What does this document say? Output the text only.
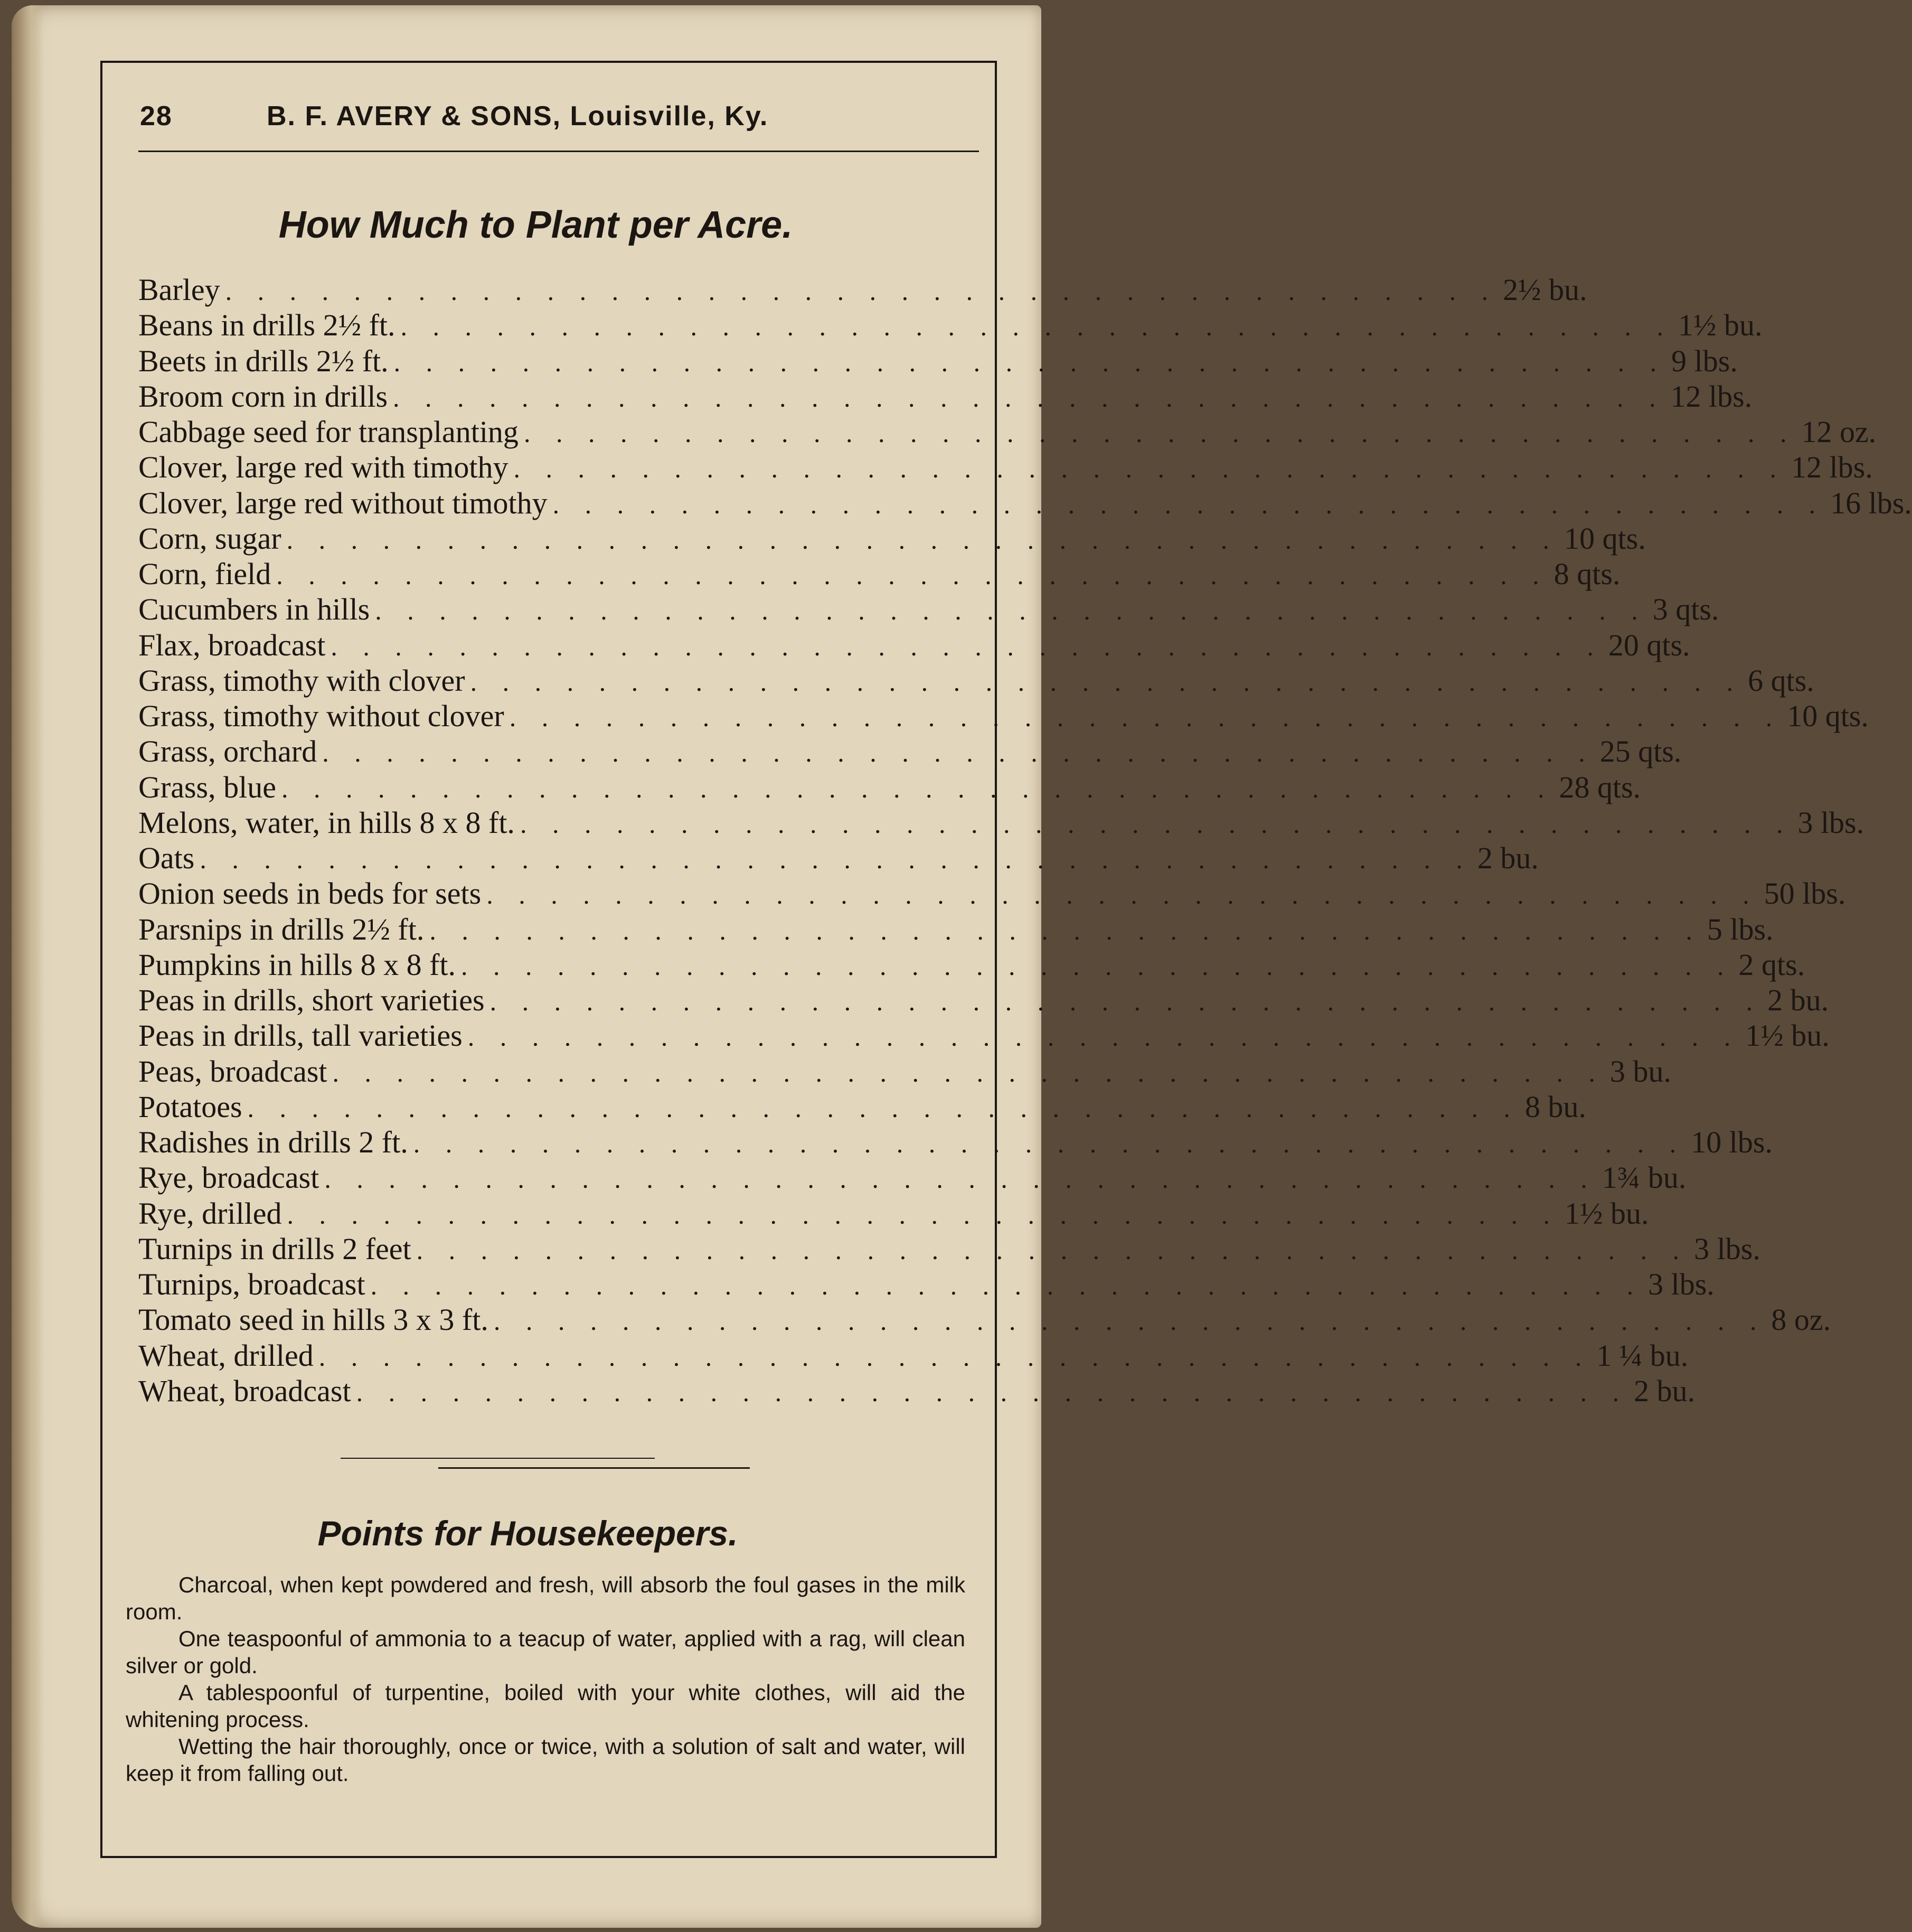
28	B. F. AVERY & SONS, Louisville, Ky.
How Much to Plant per Acre.
Barley . . . . . . . . . . . . . . . . . . . . . . . . . . . . . . . . . . . . . . . . 2½ bu.
Beans in drills 2½ ft. . . . . . . . . . . . . . . . . . . . . . . . . . . . . . . . . . . . . . . . . 1½ bu.
Beets in drills 2½ ft. . . . . . . . . . . . . . . . . . . . . . . . . . . . . . . . . . . . . . . . . 9 lbs.
Broom corn in drills . . . . . . . . . . . . . . . . . . . . . . . . . . . . . . . . . . . . . . . . 12 lbs.
Cabbage seed for transplanting . . . . . . . . . . . . . . . . . . . . . . . . . . . . . . . . . . . . . . . . 12 oz.
Clover, large red with timothy . . . . . . . . . . . . . . . . . . . . . . . . . . . . . . . . . . . . . . . . 12 lbs.
Clover, large red without timothy . . . . . . . . . . . . . . . . . . . . . . . . . . . . . . . . . . . . . . . . 16 lbs.
Corn, sugar . . . . . . . . . . . . . . . . . . . . . . . . . . . . . . . . . . . . . . . . 10 qts.
Corn, field . . . . . . . . . . . . . . . . . . . . . . . . . . . . . . . . . . . . . . . . 8 qts.
Cucumbers in hills . . . . . . . . . . . . . . . . . . . . . . . . . . . . . . . . . . . . . . . . 3 qts.
Flax, broadcast . . . . . . . . . . . . . . . . . . . . . . . . . . . . . . . . . . . . . . . . 20 qts.
Grass, timothy with clover . . . . . . . . . . . . . . . . . . . . . . . . . . . . . . . . . . . . . . . . 6 qts.
Grass, timothy without clover . . . . . . . . . . . . . . . . . . . . . . . . . . . . . . . . . . . . . . . . 10 qts.
Grass, orchard . . . . . . . . . . . . . . . . . . . . . . . . . . . . . . . . . . . . . . . . 25 qts.
Grass, blue . . . . . . . . . . . . . . . . . . . . . . . . . . . . . . . . . . . . . . . . 28 qts.
Melons, water, in hills 8 x 8 ft. . . . . . . . . . . . . . . . . . . . . . . . . . . . . . . . . . . . . . . . . 3 lbs.
Oats . . . . . . . . . . . . . . . . . . . . . . . . . . . . . . . . . . . . . . . . 2 bu.
Onion seeds in beds for sets . . . . . . . . . . . . . . . . . . . . . . . . . . . . . . . . . . . . . . . . 50 lbs.
Parsnips in drills 2½ ft. . . . . . . . . . . . . . . . . . . . . . . . . . . . . . . . . . . . . . . . . 5 lbs.
Pumpkins in hills 8 x 8 ft. . . . . . . . . . . . . . . . . . . . . . . . . . . . . . . . . . . . . . . . . 2 qts.
Peas in drills, short varieties . . . . . . . . . . . . . . . . . . . . . . . . . . . . . . . . . . . . . . . . 2 bu.
Peas in drills, tall varieties . . . . . . . . . . . . . . . . . . . . . . . . . . . . . . . . . . . . . . . . 1½ bu.
Peas, broadcast . . . . . . . . . . . . . . . . . . . . . . . . . . . . . . . . . . . . . . . . 3 bu.
Potatoes . . . . . . . . . . . . . . . . . . . . . . . . . . . . . . . . . . . . . . . . 8 bu.
Radishes in drills 2 ft. . . . . . . . . . . . . . . . . . . . . . . . . . . . . . . . . . . . . . . . . 10 lbs.
Rye, broadcast . . . . . . . . . . . . . . . . . . . . . . . . . . . . . . . . . . . . . . . . 1¾ bu.
Rye, drilled . . . . . . . . . . . . . . . . . . . . . . . . . . . . . . . . . . . . . . . . 1½ bu.
Turnips in drills 2 feet . . . . . . . . . . . . . . . . . . . . . . . . . . . . . . . . . . . . . . . . 3 lbs.
Turnips, broadcast . . . . . . . . . . . . . . . . . . . . . . . . . . . . . . . . . . . . . . . . 3 lbs.
Tomato seed in hills 3 x 3 ft. . . . . . . . . . . . . . . . . . . . . . . . . . . . . . . . . . . . . . . . . 8 oz.
Wheat, drilled . . . . . . . . . . . . . . . . . . . . . . . . . . . . . . . . . . . . . . . . 1 ¼ bu.
Wheat, broadcast . . . . . . . . . . . . . . . . . . . . . . . . . . . . . . . . . . . . . . . . 2 bu.
Points for Housekeepers.

Charcoal, when kept powdered and fresh, will absorb the foul gases in the milk room.

One teaspoonful of ammonia to a teacup of water, applied with a rag, will clean silver or gold.

A tablespoonful of turpentine, boiled with your white clothes, will aid the whitening process.

Wetting the hair thoroughly, once or twice, with a solution of salt and water, will keep it from falling out.
